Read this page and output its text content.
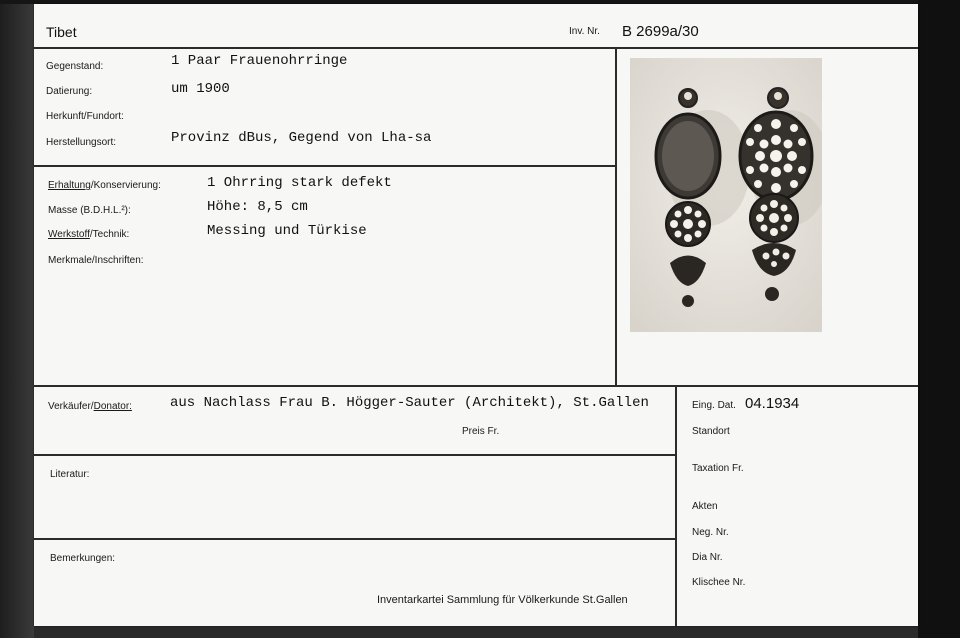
Tibet	Inv. Nr. B 2699a/30
Gegenstand:	1 Paar Frauenohrringe
Datierung:	um 1900
Herkunft/Fundort:
Herstellungsort:	Provinz dBus, Gegend von Lha-sa
Erhaltung/Konservierung:	1 Ohrring stark defekt
Masse (B.D.H.L.²):	Höhe: 8,5 cm
Werkstoff/Technik:	Messing und Türkise
Merkmale/Inschriften:
Verkäufer/Donator:	aus Nachlass Frau B. Högger-Sauter (Architekt), St.Gallen
Preis Fr.
Literatur:
Bemerkungen:
Inventarkartei Sammlung für Völkerkunde St.Gallen
Eing. Dat. 04.1934
Standort
Taxation Fr.
Akten
Neg. Nr.
Dia Nr.
Klischee Nr.
